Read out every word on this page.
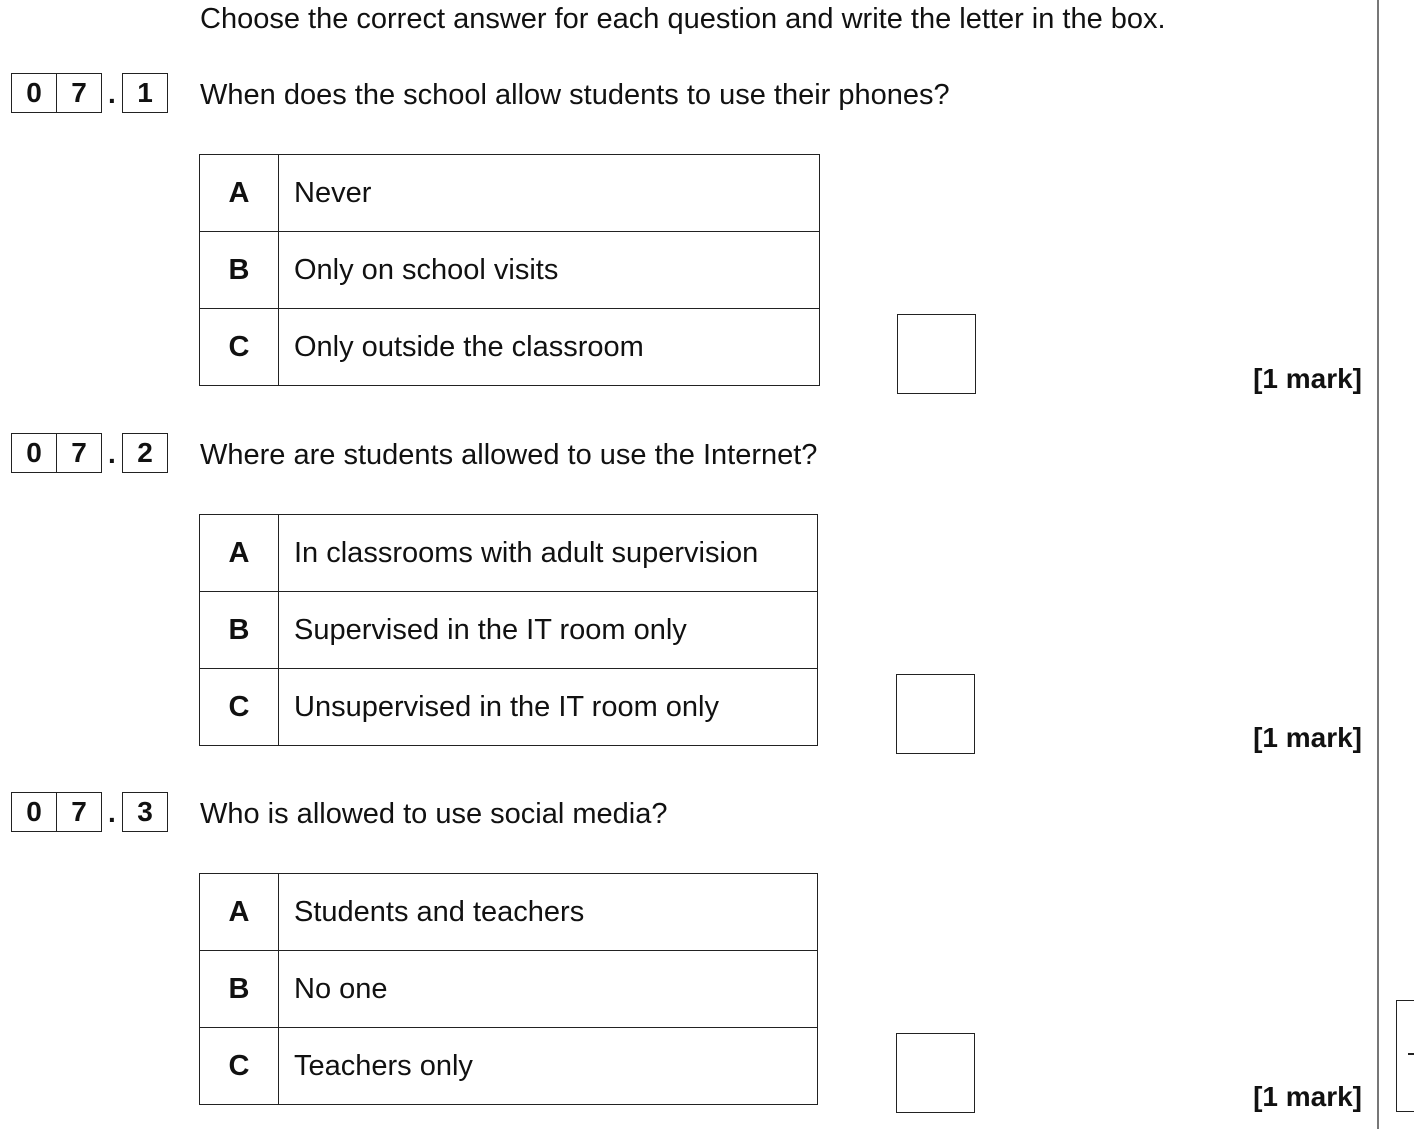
Choose the correct answer for each question and write the letter in the box.
0	7 . 1	When does the school allow students to use their phones?
A	Never
B	Only on school visits
C	Only outside the classroom
[1 mark]
0	7 . 2	Where are students allowed to use the Internet?
A	In classrooms with adult supervision
B	Supervised in the IT room only
C	Unsupervised in the IT room only
[1 mark]
0	7 . 3	Who is allowed to use social media?
A	Students and teachers
B	No one
C	Teachers only
[1 mark]
